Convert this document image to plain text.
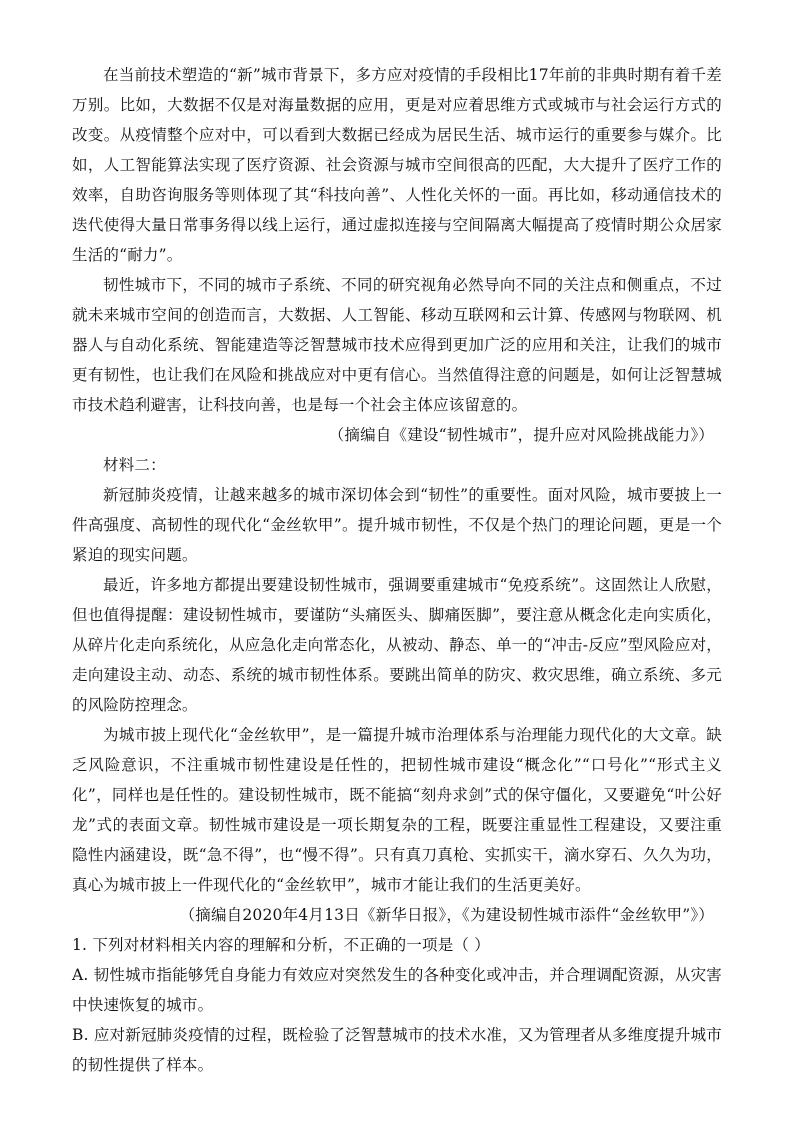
在当前技术塑造的“新”城市背景下，多方应对疫情的手段相比17年前的非典时期有着千差万别。比如，大数据不仅是对海量数据的应用，更是对应着思维方式或城市与社会运行方式的改变。从疫情整个应对中，可以看到大数据已经成为居民生活、城市运行的重要参与媒介。比如，人工智能算法实现了医疗资源、社会资源与城市空间很高的匹配，大大提升了医疗工作的效率，自助咨询服务等则体现了其“科技向善”、人性化关怀的一面。再比如，移动通信技术的迭代使得大量日常事务得以线上运行，通过虚拟连接与空间隔离大幅提高了疫情时期公众居家生活的“耐力”。

韧性城市下，不同的城市子系统、不同的研究视角必然导向不同的关注点和侧重点，不过就未来城市空间的创造而言，大数据、人工智能、移动互联网和云计算、传感网与物联网、机器人与自动化系统、智能建造等泛智慧城市技术应得到更加广泛的应用和关注，让我们的城市更有韧性，也让我们在风险和挑战应对中更有信心。当然值得注意的问题是，如何让泛智慧城市技术趋利避害，让科技向善，也是每一个社会主体应该留意的。

（摘编自《建设“韧性城市”，提升应对风险挑战能力》）

材料二：

新冠肺炎疫情，让越来越多的城市深切体会到“韧性”的重要性。面对风险，城市要披上一件高强度、高韧性的现代化“金丝软甲”。提升城市韧性，不仅是个热门的理论问题，更是一个紧迫的现实问题。

最近，许多地方都提出要建设韧性城市，强调要重建城市“免疫系统”。这固然让人欣慰，但也值得提醒：建设韧性城市，要谨防“头痛医头、脚痛医脚”，要注意从概念化走向实质化，从碎片化走向系统化，从应急化走向常态化，从被动、静态、单一的“冲击-反应”型风险应对，走向建设主动、动态、系统的城市韧性体系。要跳出简单的防灾、救灾思维，确立系统、多元的风险防控理念。

为城市披上现代化“金丝软甲”，是一篇提升城市治理体系与治理能力现代化的大文章。缺乏风险意识，不注重城市韧性建设是任性的，把韧性城市建设“概念化”“口号化”“形式主义化”，同样也是任性的。建设韧性城市，既不能搞“刻舟求剑”式的保守僵化，又要避免“叶公好龙”式的表面文章。韧性城市建设是一项长期复杂的工程，既要注重显性工程建设，又要注重隐性内涵建设，既“急不得”，也“慢不得”。只有真刀真枪、实抓实干，滴水穿石、久久为功，真心为城市披上一件现代化的“金丝软甲”，城市才能让我们的生活更美好。

（摘编自2020年4月13日《新华日报》，《为建设韧性城市添件“金丝软甲”》）

1. 下列对材料相关内容的理解和分析，不正确的一项是（ ）

A. 韧性城市指能够凭自身能力有效应对突然发生的各种变化或冲击，并合理调配资源，从灾害中快速恢复的城市。

B. 应对新冠肺炎疫情的过程，既检验了泛智慧城市的技术水准，又为管理者从多维度提升城市的韧性提供了样本。
